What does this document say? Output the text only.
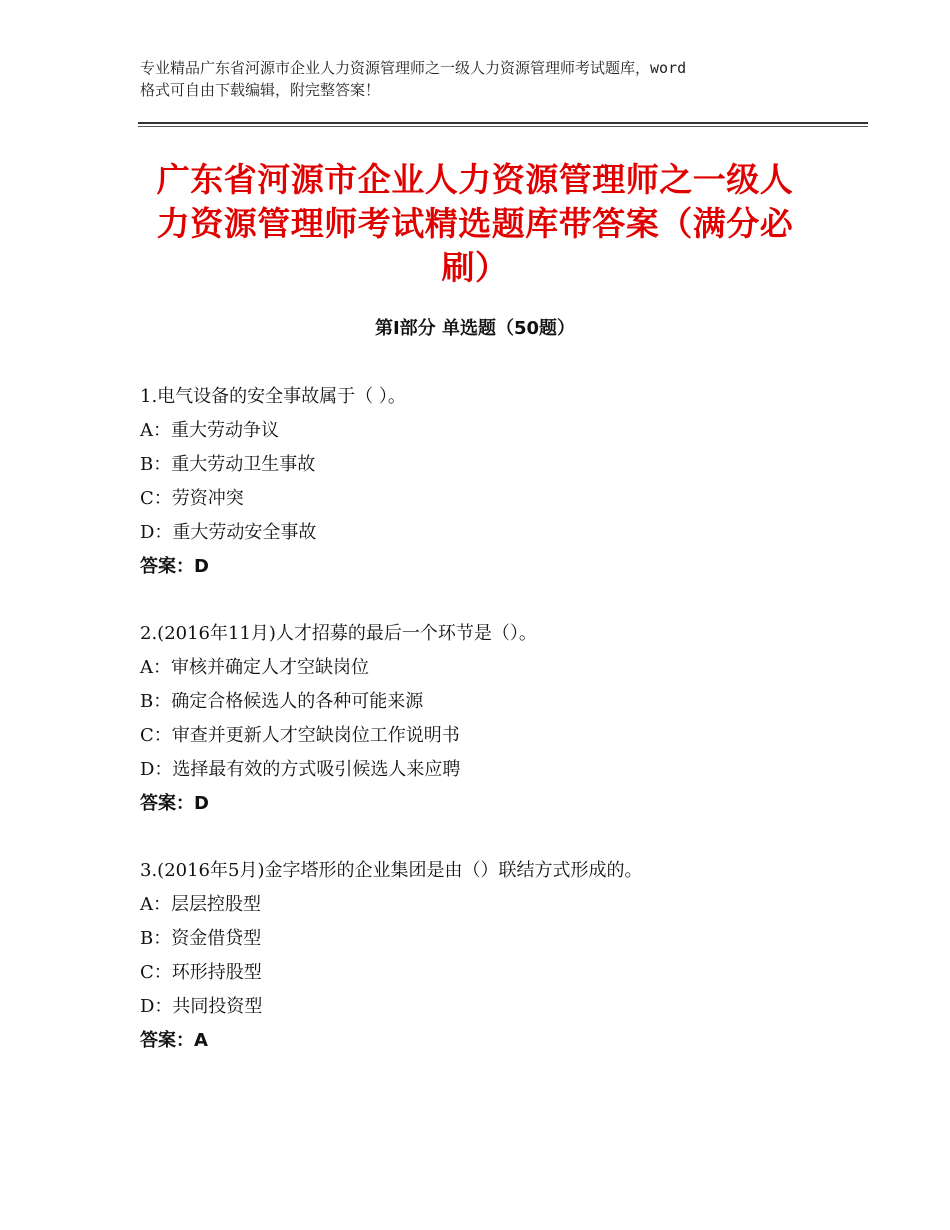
专业精品广东省河源市企业人力资源管理师之一级人力资源管理师考试题库，word
格式可自由下载编辑，附完整答案！
广东省河源市企业人力资源管理师之一级人
力资源管理师考试精选题库带答案（满分必
刷）
第Ⅰ部分 单选题（50题）
1.电气设备的安全事故属于（ ）。
A：重大劳动争议
B：重大劳动卫生事故
C：劳资冲突
D：重大劳动安全事故
答案：D
2.(2016年11月)人才招募的最后一个环节是（）。
A：审核并确定人才空缺岗位
B：确定合格候选人的各种可能来源
C：审查并更新人才空缺岗位工作说明书
D：选择最有效的方式吸引候选人来应聘
答案：D
3.(2016年5月)金字塔形的企业集团是由（）联结方式形成的。
A：层层控股型
B：资金借贷型
C：环形持股型
D：共同投资型
答案：A
